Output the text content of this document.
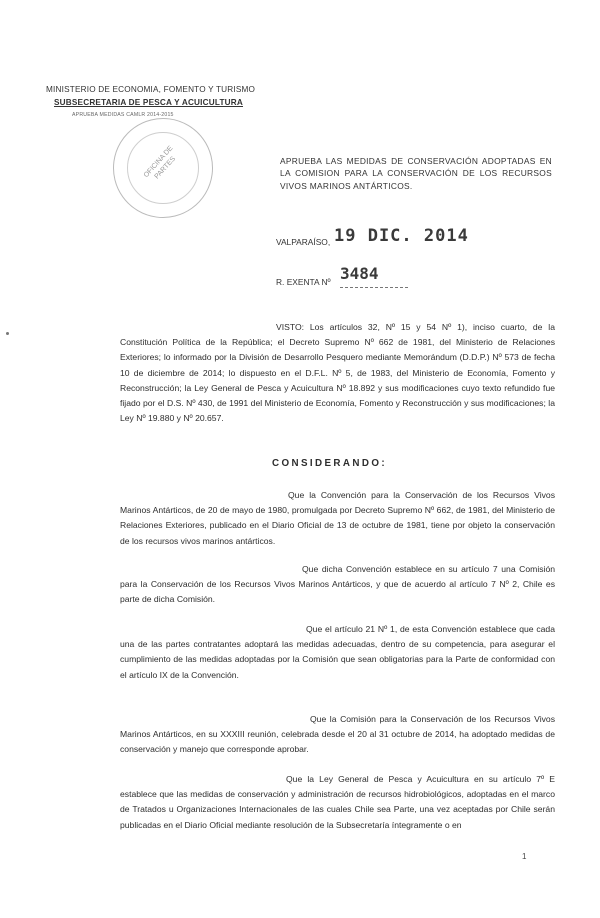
MINISTERIO DE ECONOMIA, FOMENTO Y TURISMO
SUBSECRETARIA DE PESCA Y ACUICULTURA
APRUEBA MEDIDAS CAMLR 2014-2015
OFICINA DE PARTES	APRUEBA LAS MEDIDAS DE CONSERVACIÓN ADOPTADAS EN LA COMISION PARA LA CONSERVACIÓN DE LOS RECURSOS VIVOS MARINOS ANTÁRTICOS.
VALPARAÍSO, 19 DIC. 2014
R. EXENTA Nº 3484
VISTO: Los artículos 32, Nº 15 y 54 Nº 1), inciso cuarto, de la Constitución Política de la República; el Decreto Supremo Nº 662 de 1981, del Ministerio de Relaciones Exteriores; lo informado por la División de Desarrollo Pesquero mediante Memorándum (D.D.P.) Nº 573 de fecha 10 de diciembre de 2014; lo dispuesto en el D.F.L. Nº 5, de 1983, del Ministerio de Economía, Fomento y Reconstrucción; la Ley General de Pesca y Acuicultura Nº 18.892 y sus modificaciones cuyo texto refundido fue fijado por el D.S. Nº 430, de 1991 del Ministerio de Economía, Fomento y Reconstrucción y sus modificaciones; la Ley Nº 19.880 y Nº 20.657.
CONSIDERANDO:
Que la Convención para la Conservación de los Recursos Vivos Marinos Antárticos, de 20 de mayo de 1980, promulgada por Decreto Supremo Nº 662, de 1981, del Ministerio de Relaciones Exteriores, publicado en el Diario Oficial de 13 de octubre de 1981, tiene por objeto la conservación de los recursos vivos marinos antárticos.
Que dicha Convención establece en su artículo 7 una Comisión para la Conservación de los Recursos Vivos Marinos Antárticos, y que de acuerdo al artículo 7 Nº 2, Chile es parte de dicha Comisión.
Que el artículo 21 Nº 1, de esta Convención establece que cada una de las partes contratantes adoptará las medidas adecuadas, dentro de su competencia, para asegurar el cumplimiento de las medidas adoptadas por la Comisión que sean obligatorias para la Parte de conformidad con el artículo IX de la Convención.
Que la Comisión para la Conservación de los Recursos Vivos Marinos Antárticos, en su XXXIII reunión, celebrada desde el 20 al 31 octubre de 2014, ha adoptado medidas de conservación y manejo que corresponde aprobar.
Que la Ley General de Pesca y Acuicultura en su artículo 7º E establece que las medidas de conservación y administración de recursos hidrobiológicos, adoptadas en el marco de Tratados u Organizaciones Internacionales de las cuales Chile sea Parte, una vez aceptadas por Chile serán publicadas en el Diario Oficial mediante resolución de la Subsecretaría íntegramente o en
1
